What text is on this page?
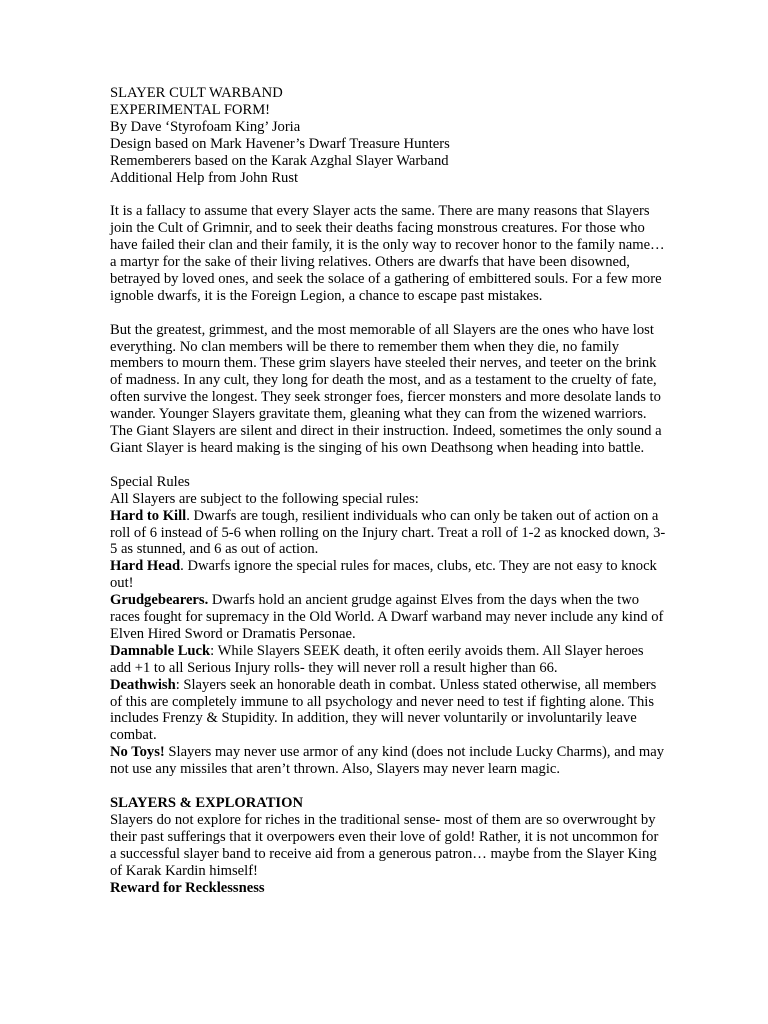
SLAYER CULT WARBAND
EXPERIMENTAL FORM!
By Dave ‘Styrofoam King’ Joria
Design based on Mark Havener’s Dwarf Treasure Hunters
Rememberers based on the Karak Azghal Slayer Warband
Additional Help from John Rust

It is a fallacy to assume that every Slayer acts the same. There are many reasons that Slayers join the Cult of Grimnir, and to seek their deaths facing monstrous creatures. For those who have failed their clan and their family, it is the only way to recover honor to the family name… a martyr for the sake of their living relatives. Others are dwarfs that have been disowned, betrayed by loved ones, and seek the solace of a gathering of embittered souls. For a few more ignoble dwarfs, it is the Foreign Legion, a chance to escape past mistakes.

But the greatest, grimmest, and the most memorable of all Slayers are the ones who have lost everything. No clan members will be there to remember them when they die, no family members to mourn them. These grim slayers have steeled their nerves, and teeter on the brink of madness. In any cult, they long for death the most, and as a testament to the cruelty of fate, often survive the longest. They seek stronger foes, fiercer monsters and more desolate lands to wander. Younger Slayers gravitate them, gleaning what they can from the wizened warriors. The Giant Slayers are silent and direct in their instruction. Indeed, sometimes the only sound a Giant Slayer is heard making is the singing of his own Deathsong when heading into battle.

Special Rules

All Slayers are subject to the following special rules:

Hard to Kill. Dwarfs are tough, resilient individuals who can only be taken out of action on a roll of 6 instead of 5-6 when rolling on the Injury chart. Treat a roll of 1-2 as knocked down, 3-5 as stunned, and 6 as out of action.

Hard Head. Dwarfs ignore the special rules for maces, clubs, etc. They are not easy to knock out!

Grudgebearers. Dwarfs hold an ancient grudge against Elves from the days when the two races fought for supremacy in the Old World. A Dwarf warband may never include any kind of Elven Hired Sword or Dramatis Personae.

Damnable Luck: While Slayers SEEK death, it often eerily avoids them. All Slayer heroes add +1 to all Serious Injury rolls- they will never roll a result higher than 66.

Deathwish: Slayers seek an honorable death in combat. Unless stated otherwise, all members of this are completely immune to all psychology and never need to test if fighting alone. This includes Frenzy & Stupidity. In addition, they will never voluntarily or involuntarily leave combat.

No Toys! Slayers may never use armor of any kind (does not include Lucky Charms), and may not use any missiles that aren’t thrown. Also, Slayers may never learn magic.

SLAYERS & EXPLORATION

Slayers do not explore for riches in the traditional sense- most of them are so overwrought by their past sufferings that it overpowers even their love of gold! Rather, it is not uncommon for a successful slayer band to receive aid from a generous patron… maybe from the Slayer King of Karak Kardin himself!

Reward for Recklessness
